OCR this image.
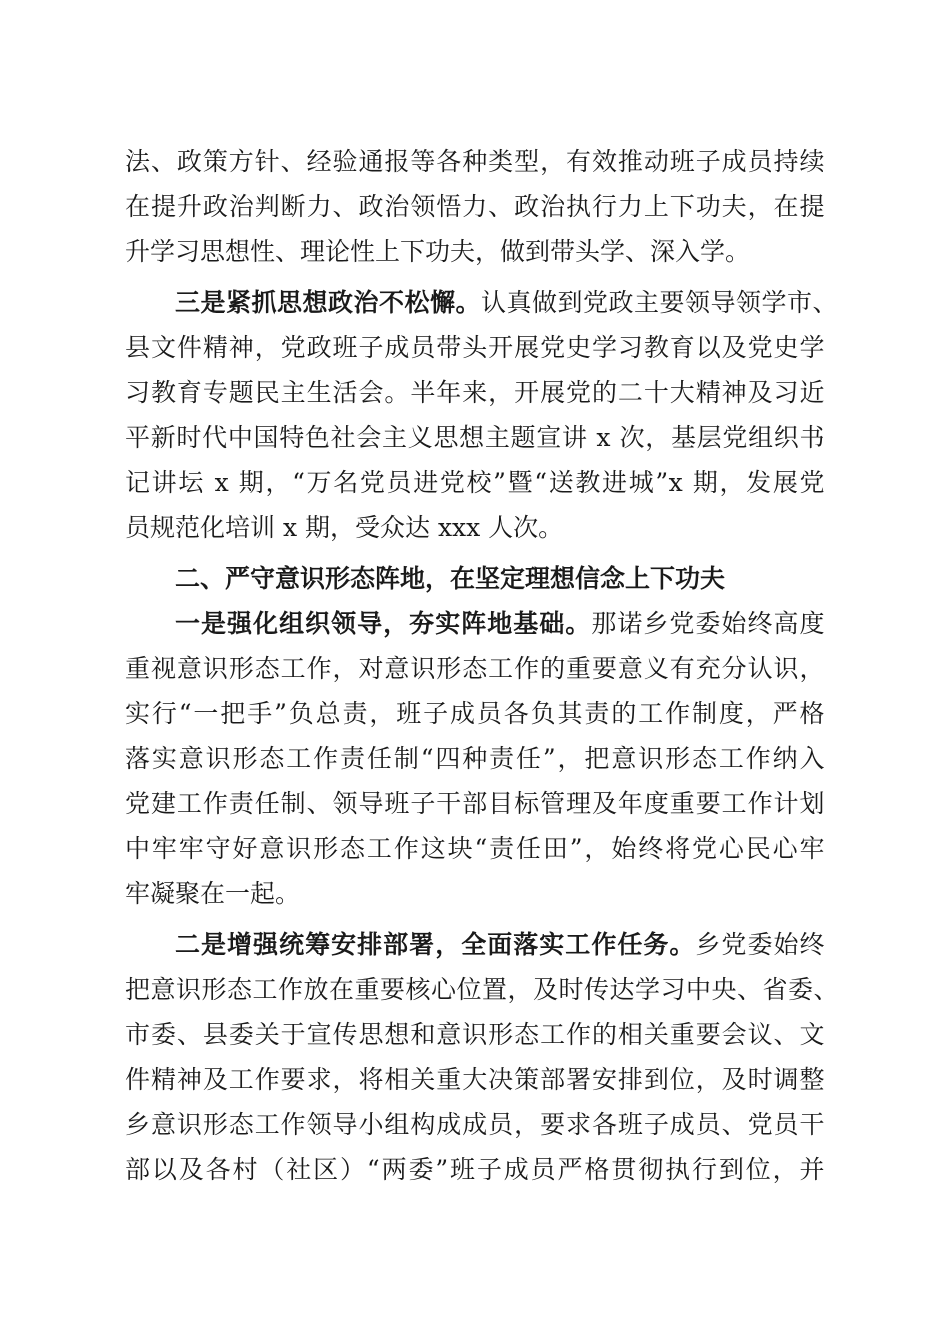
法、政策方针、经验通报等各种类型，有效推动班子成员持续
在提升政治判断力、政治领悟力、政治执行力上下功夫，在提
升学习思想性、理论性上下功夫，做到带头学、深入学。
三是紧抓思想政治不松懈。认真做到党政主要领导领学市、
县文件精神，党政班子成员带头开展党史学习教育以及党史学
习教育专题民主生活会。半年来，开展党的二十大精神及习近
平新时代中国特色社会主义思想主题宣讲 x 次，基层党组织书
记讲坛 x 期，“万名党员进党校”暨“送教进城”x 期，发展党
员规范化培训 x 期，受众达 xxx 人次。
二、严守意识形态阵地，在坚定理想信念上下功夫
一是强化组织领导，夯实阵地基础。那诺乡党委始终高度
重视意识形态工作，对意识形态工作的重要意义有充分认识，
实行“一把手”负总责，班子成员各负其责的工作制度，严格
落实意识形态工作责任制“四种责任”，把意识形态工作纳入
党建工作责任制、领导班子干部目标管理及年度重要工作计划
中牢牢守好意识形态工作这块“责任田”，始终将党心民心牢
牢凝聚在一起。
二是增强统筹安排部署，全面落实工作任务。乡党委始终
把意识形态工作放在重要核心位置，及时传达学习中央、省委、
市委、县委关于宣传思想和意识形态工作的相关重要会议、文
件精神及工作要求，将相关重大决策部署安排到位，及时调整
乡意识形态工作领导小组构成成员，要求各班子成员、党员干
部以及各村（社区）“两委”班子成员严格贯彻执行到位，并
